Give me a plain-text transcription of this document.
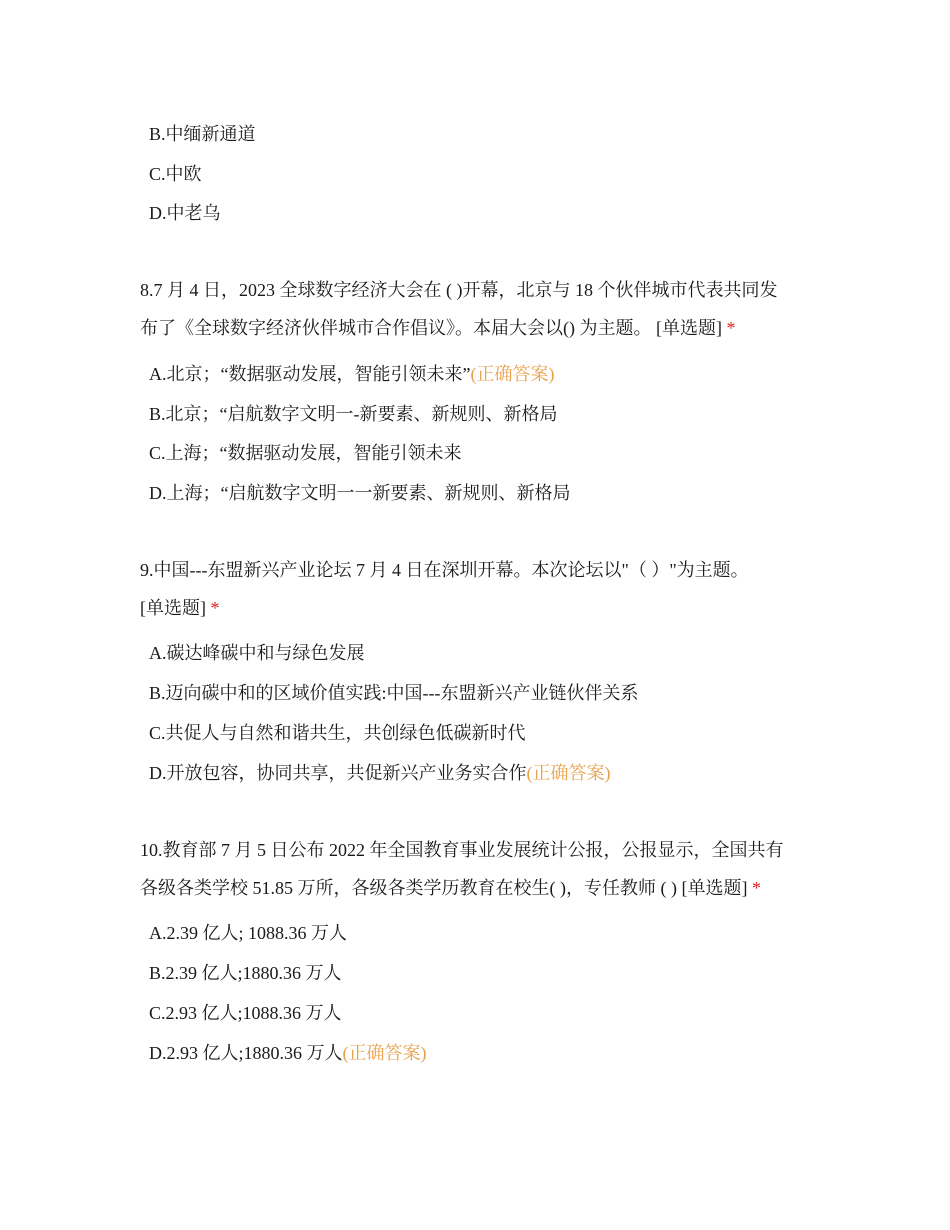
B.中缅新通道
C.中欧
D.中老乌
8.7 月 4 日，2023 全球数字经济大会在 ( )开幕，北京与 18 个伙伴城市代表共同发
布了《全球数字经济伙伴城市合作倡议》。本届大会以() 为主题。 [单选题] *
A.北京；“数据驱动发展，智能引领未来”(正确答案)
B.北京；“启航数字文明一-新要素、新规则、新格局
C.上海；“数据驱动发展，智能引领未来
D.上海；“启航数字文明一一新要素、新规则、新格局
9.中国---东盟新兴产业论坛 7 月 4 日在深圳开幕。本次论坛以"（ ）"为主题。
[单选题] *
A.碳达峰碳中和与绿色发展
B.迈向碳中和的区域价值实践:中国---东盟新兴产业链伙伴关系
C.共促人与自然和谐共生，共创绿色低碳新时代
D.开放包容，协同共享，共促新兴产业务实合作(正确答案)
10.教育部 7 月 5 日公布 2022 年全国教育事业发展统计公报，公报显示，全国共有
各级各类学校 51.85 万所，各级各类学历教育在校生( )，专任教师 ( ) [单选题] *
A.2.39 亿人; 1088.36 万人
B.2.39 亿人;1880.36 万人
C.2.93 亿人;1088.36 万人
D.2.93 亿人;1880.36 万人(正确答案)
